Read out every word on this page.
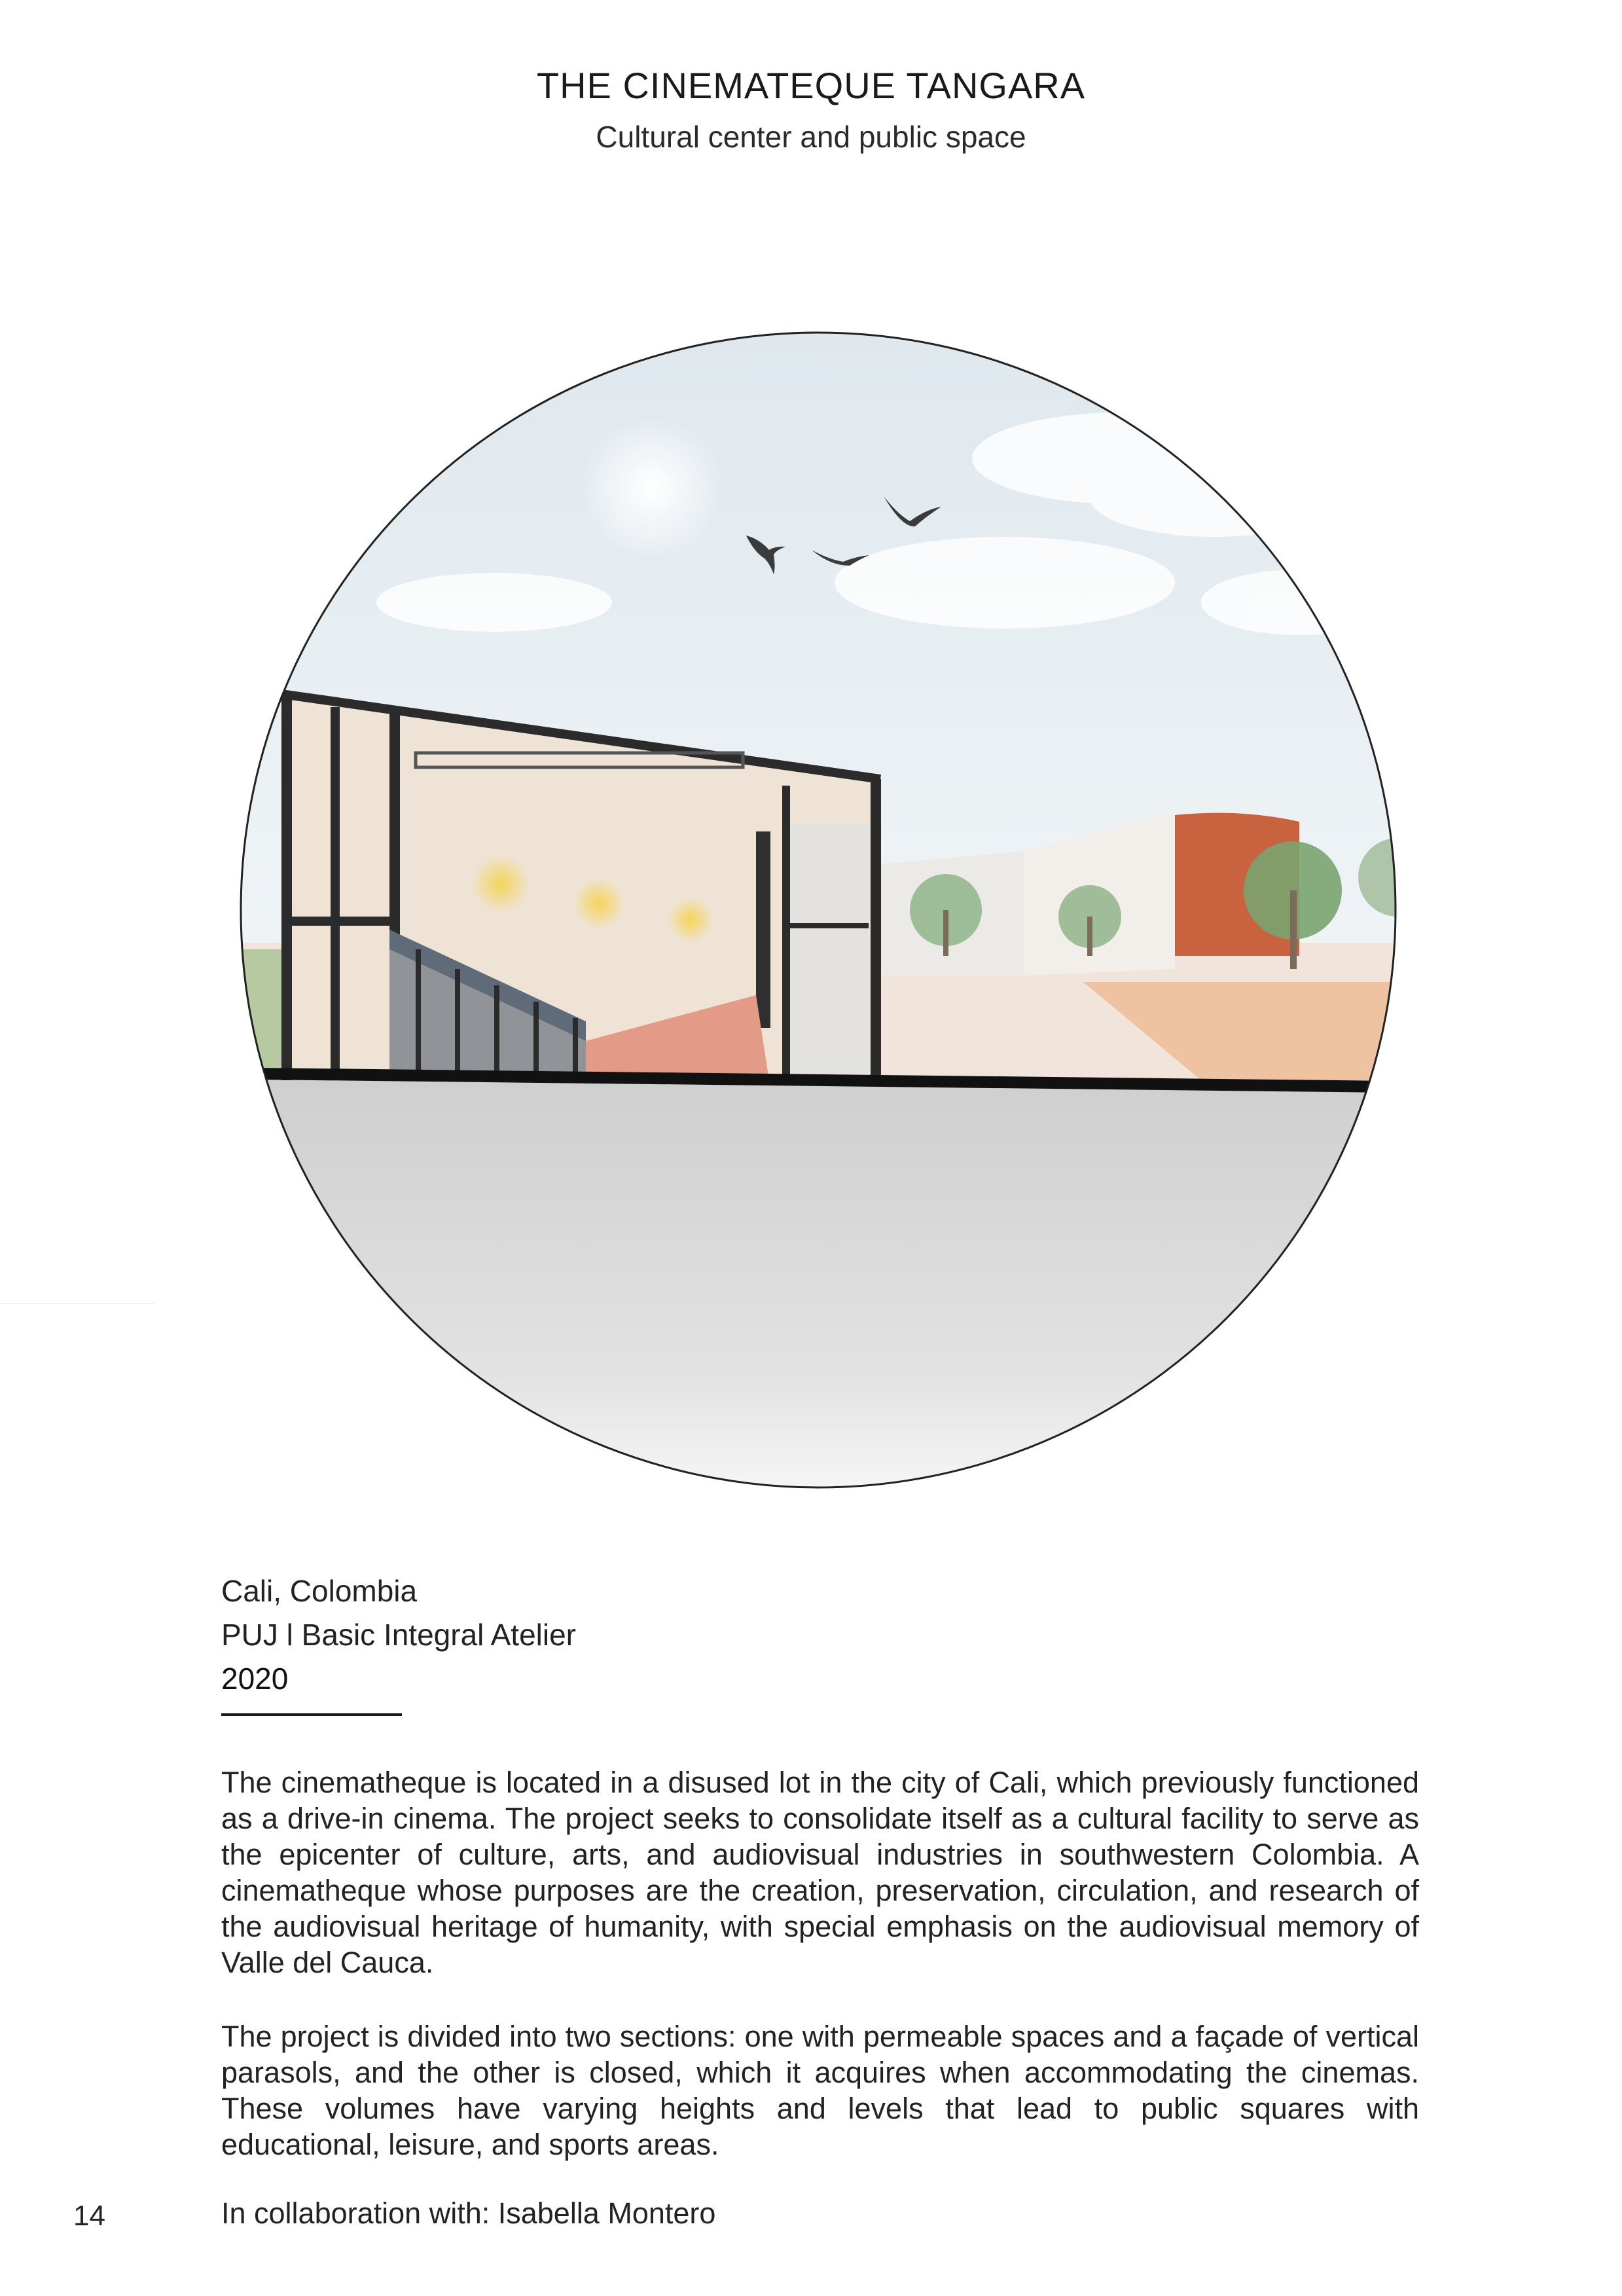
THE CINEMATEQUE TANGARA

Cultural center and public space

Cali, Colombia
PUJ l Basic Integral Atelier
2020

The cinematheque is located in a disused lot in the city of Cali, which previously functioned as a drive-in cinema. The project seeks to consolidate itself as a cultural facility to serve as the epicenter of culture, arts, and audiovisual industries in southwestern Colombia. A cinematheque whose purposes are the creation, preservation, circulation, and research of the audiovisual heritage of humanity, with special emphasis on the audiovisual memory of Valle del Cauca.

The project is divided into two sections: one with permeable spaces and a façade of vertical parasols, and the other is closed, which it acquires when accommodating the cinemas. These volumes have varying heights and levels that lead to public squares with educational, leisure, and sports areas.

14	In collaboration with: Isabella Montero
